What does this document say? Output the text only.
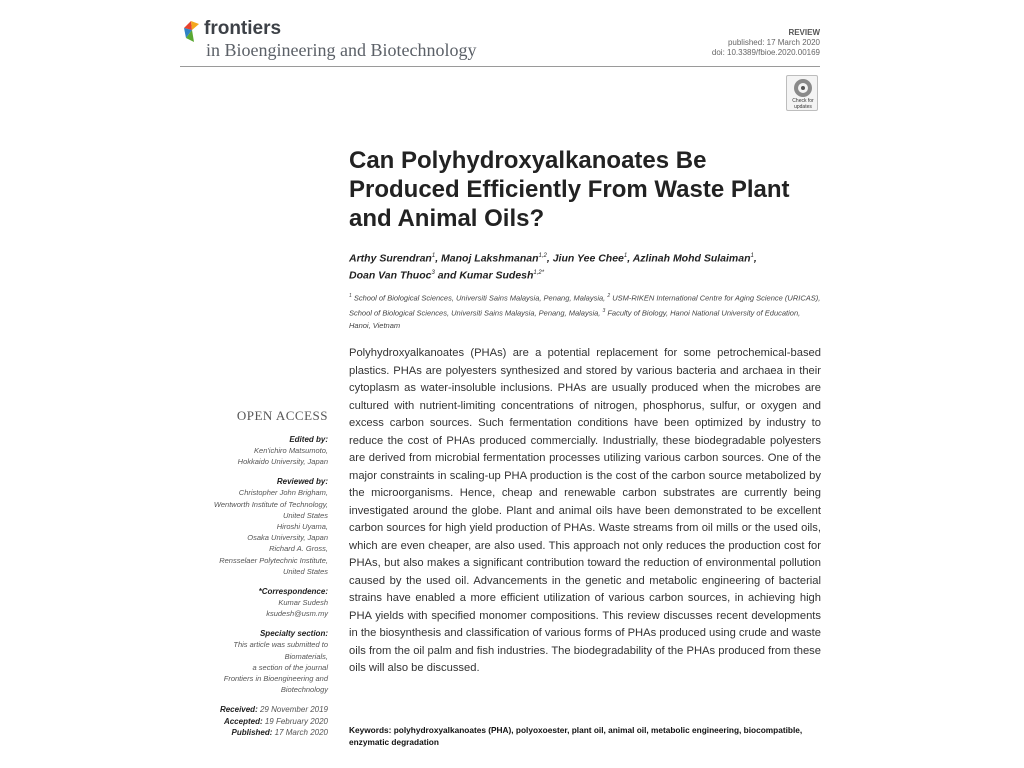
frontiers
in Bioengineering and Biotechnology
REVIEW
published: 17 March 2020
doi: 10.3389/fbioe.2020.00169
Check for
updates
Can Polyhydroxyalkanoates Be Produced Efficiently From Waste Plant and Animal Oils?
Arthy Surendran$^1$, Manoj Lakshmanan$^{1,2}$, Jiun Yee Chee$^1$, Azlinah Mohd Sulaiman$^1$,
Doan Van Thuoc$^3$ and Kumar Sudesh$^{1,2*}$
$^1$ School of Biological Sciences, Universiti Sains Malaysia, Penang, Malaysia, $^2$ USM-RIKEN International Centre for Aging Science (URICAS), School of Biological Sciences, Universiti Sains Malaysia, Penang, Malaysia, $^3$ Faculty of Biology, Hanoi National University of Education, Hanoi, Vietnam

Polyhydroxyalkanoates (PHAs) are a potential replacement for some petrochemical-based plastics. PHAs are polyesters synthesized and stored by various bacteria and archaea in their cytoplasm as water-insoluble inclusions. PHAs are usually produced when the microbes are cultured with nutrient-limiting concentrations of nitrogen, phosphorus, sulfur, or oxygen and excess carbon sources. Such fermentation conditions have been optimized by industry to reduce the cost of PHAs produced commercially. Industrially, these biodegradable polyesters are derived from microbial fermentation processes utilizing various carbon sources. One of the major constraints in scaling-up PHA production is the cost of the carbon source metabolized by the microorganisms. Hence, cheap and renewable carbon substrates are currently being investigated around the globe. Plant and animal oils have been demonstrated to be excellent carbon sources for high yield production of PHAs. Waste streams from oil mills or the used oils, which are even cheaper, are also used. This approach not only reduces the production cost for PHAs, but also makes a significant contribution toward the reduction of environmental pollution caused by the used oil. Advancements in the genetic and metabolic engineering of bacterial strains have enabled a more efficient utilization of various carbon sources, in achieving high PHA yields with specified monomer compositions. This review discusses recent developments in the biosynthesis and classification of various forms of PHAs produced using crude and waste oils from the oil palm and fish industries. The biodegradability of the PHAs produced from these oils will also be discussed.

Keywords: polyhydroxyalkanoates (PHA), polyoxoester, plant oil, animal oil, metabolic engineering, biocompatible, enzymatic degradation
OPEN ACCESS
Edited by:
Ken'ichiro Matsumoto,
Hokkaido University, Japan
Reviewed by:
Christopher John Brigham,
Wentworth Institute of Technology,
United States
Hiroshi Uyama,
Osaka University, Japan
Richard A. Gross,
Rensselaer Polytechnic Institute,
United States
*Correspondence:
Kumar Sudesh
ksudesh@usm.my
Specialty section:
This article was submitted to
Biomaterials,
a section of the journal
Frontiers in Bioengineering and
Biotechnology
Received: 29 November 2019
Accepted: 19 February 2020
Published: 17 March 2020
